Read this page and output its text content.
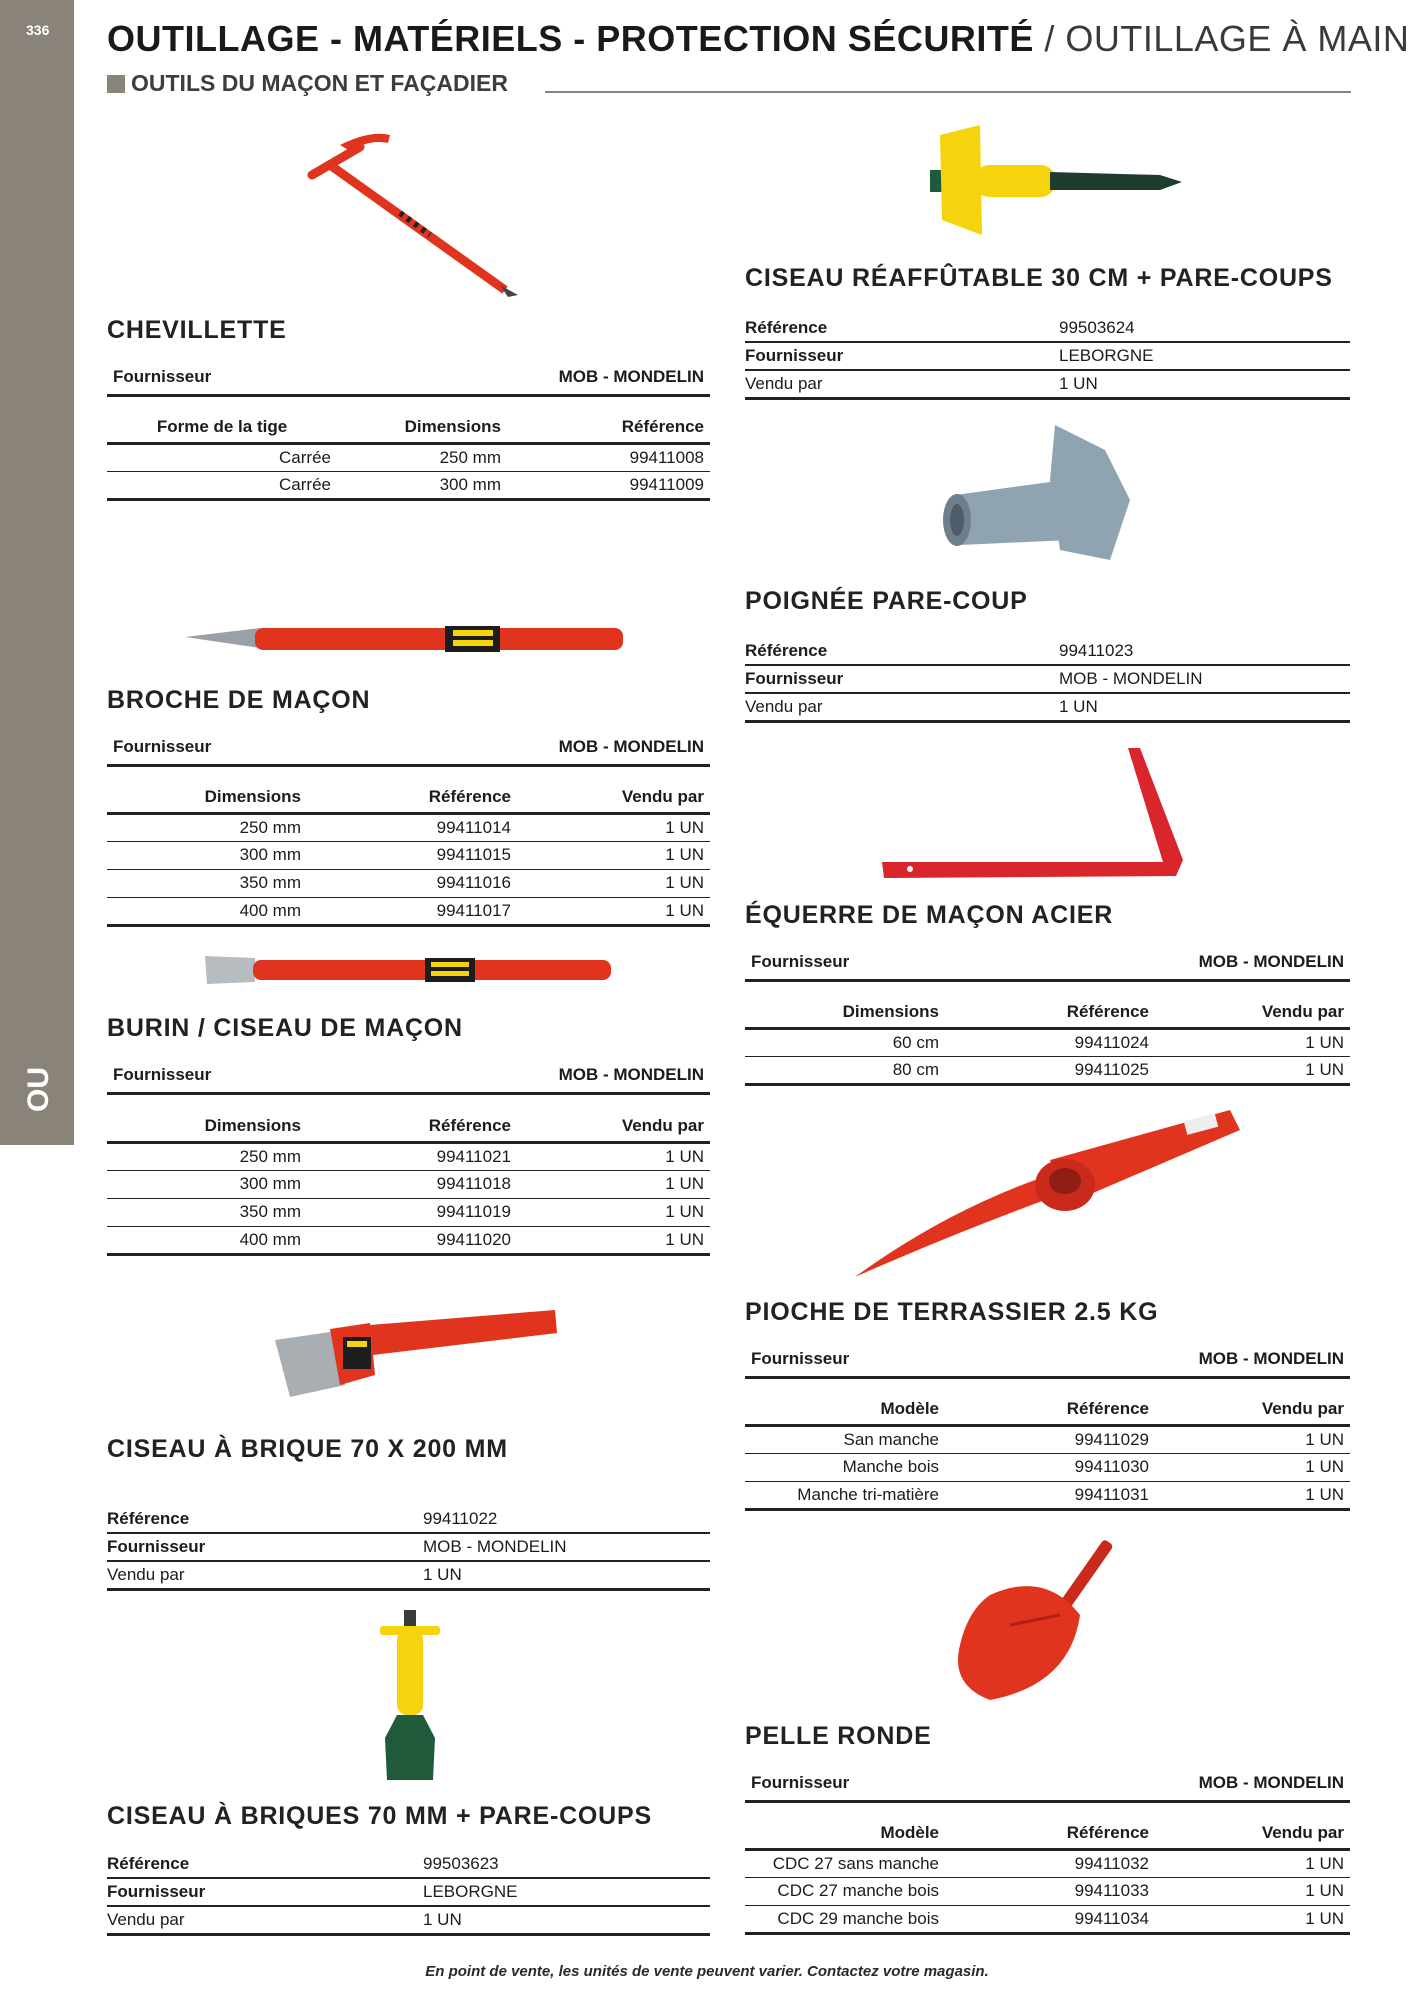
336
OU
OUTILLAGE - MATÉRIELS - PROTECTION SÉCURITÉ / OUTILLAGE À MAIN
OUTILS DU MAÇON ET FAÇADIER
CHEVILLETTE
Fournisseur	MOB - MONDELIN
Forme de la tige	Dimensions	Référence
Carrée	250 mm	99411008
Carrée	300 mm	99411009
BROCHE DE MAÇON
Fournisseur	MOB - MONDELIN
Dimensions	Référence	Vendu par
250 mm	99411014	1 UN
300 mm	99411015	1 UN
350 mm	99411016	1 UN
400 mm	99411017	1 UN
BURIN / CISEAU DE MAÇON
Fournisseur	MOB - MONDELIN
Dimensions	Référence	Vendu par
250 mm	99411021	1 UN
300 mm	99411018	1 UN
350 mm	99411019	1 UN
400 mm	99411020	1 UN
CISEAU À BRIQUE 70 X 200 MM
Référence	99411022
Fournisseur	MOB - MONDELIN
Vendu par	1 UN
CISEAU À BRIQUES 70 MM + PARE-COUPS
Référence	99503623
Fournisseur	LEBORGNE
Vendu par	1 UN
CISEAU RÉAFFÛTABLE 30 CM + PARE-COUPS
Référence	99503624
Fournisseur	LEBORGNE
Vendu par	1 UN
POIGNÉE PARE-COUP
Référence	99411023
Fournisseur	MOB - MONDELIN
Vendu par	1 UN
ÉQUERRE DE MAÇON ACIER
Fournisseur	MOB - MONDELIN
Dimensions	Référence	Vendu par
60 cm	99411024	1 UN
80 cm	99411025	1 UN
PIOCHE DE TERRASSIER 2.5 KG
Fournisseur	MOB - MONDELIN
Modèle	Référence	Vendu par
San manche	99411029	1 UN
Manche bois	99411030	1 UN
Manche tri-matière	99411031	1 UN
PELLE RONDE
Fournisseur	MOB - MONDELIN
Modèle	Référence	Vendu par
CDC 27 sans manche	99411032	1 UN
CDC 27 manche bois	99411033	1 UN
CDC 29 manche bois	99411034	1 UN
En point de vente, les unités de vente peuvent varier. Contactez votre magasin.
